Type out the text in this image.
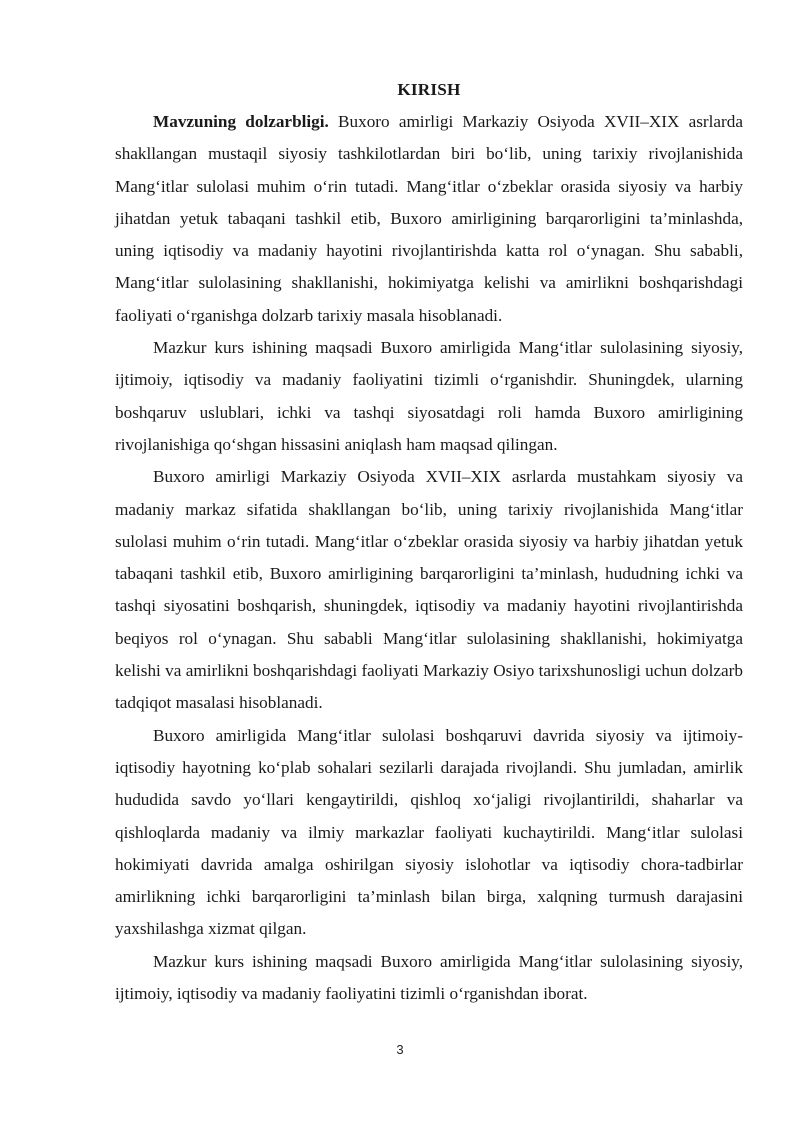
KIRISH

Mavzuning dolzarbligi. Buxoro amirligi Markaziy Osiyoda XVII–XIX asrlarda shakllangan mustaqil siyosiy tashkilotlardan biri bo‘lib, uning tarixiy rivojlanishida Mang‘itlar sulolasi muhim o‘rin tutadi. Mang‘itlar o‘zbeklar orasida siyosiy va harbiy jihatdan yetuk tabaqani tashkil etib, Buxoro amirligining barqarorligini ta’minlashda, uning iqtisodiy va madaniy hayotini rivojlantirishda katta rol o‘ynagan. Shu sababli, Mang‘itlar sulolasining shakllanishi, hokimiyatga kelishi va amirlikni boshqarishdagi faoliyati o‘rganishga dolzarb tarixiy masala hisoblanadi.

Mazkur kurs ishining maqsadi Buxoro amirligida Mang‘itlar sulolasining siyosiy, ijtimoiy, iqtisodiy va madaniy faoliyatini tizimli o‘rganishdir. Shuningdek, ularning boshqaruv uslublari, ichki va tashqi siyosatdagi roli hamda Buxoro amirligining rivojlanishiga qo‘shgan hissasini aniqlash ham maqsad qilingan.

Buxoro amirligi Markaziy Osiyoda XVII–XIX asrlarda mustahkam siyosiy va madaniy markaz sifatida shakllangan bo‘lib, uning tarixiy rivojlanishida Mang‘itlar sulolasi muhim o‘rin tutadi. Mang‘itlar o‘zbeklar orasida siyosiy va harbiy jihatdan yetuk tabaqani tashkil etib, Buxoro amirligining barqarorligini ta’minlash, hududning ichki va tashqi siyosatini boshqarish, shuningdek, iqtisodiy va madaniy hayotini rivojlantirishda beqiyos rol o‘ynagan. Shu sababli Mang‘itlar sulolasining shakllanishi, hokimiyatga kelishi va amirlikni boshqarishdagi faoliyati Markaziy Osiyo tarixshunosligi uchun dolzarb tadqiqot masalasi hisoblanadi.

Buxoro amirligida Mang‘itlar sulolasi boshqaruvi davrida siyosiy va ijtimoiy-iqtisodiy hayotning ko‘plab sohalari sezilarli darajada rivojlandi. Shu jumladan, amirlik hududida savdo yo‘llari kengaytirildi, qishloq xo‘jaligi rivojlantirildi, shaharlar va qishloqlarda madaniy va ilmiy markazlar faoliyati kuchaytirildi. Mang‘itlar sulolasi hokimiyati davrida amalga oshirilgan siyosiy islohotlar va iqtisodiy chora-tadbirlar amirlikning ichki barqarorligini ta’minlash bilan birga, xalqning turmush darajasini yaxshilashga xizmat qilgan.

Mazkur kurs ishining maqsadi Buxoro amirligida Mang‘itlar sulolasining siyosiy, ijtimoiy, iqtisodiy va madaniy faoliyatini tizimli o‘rganishdan iborat.

3
